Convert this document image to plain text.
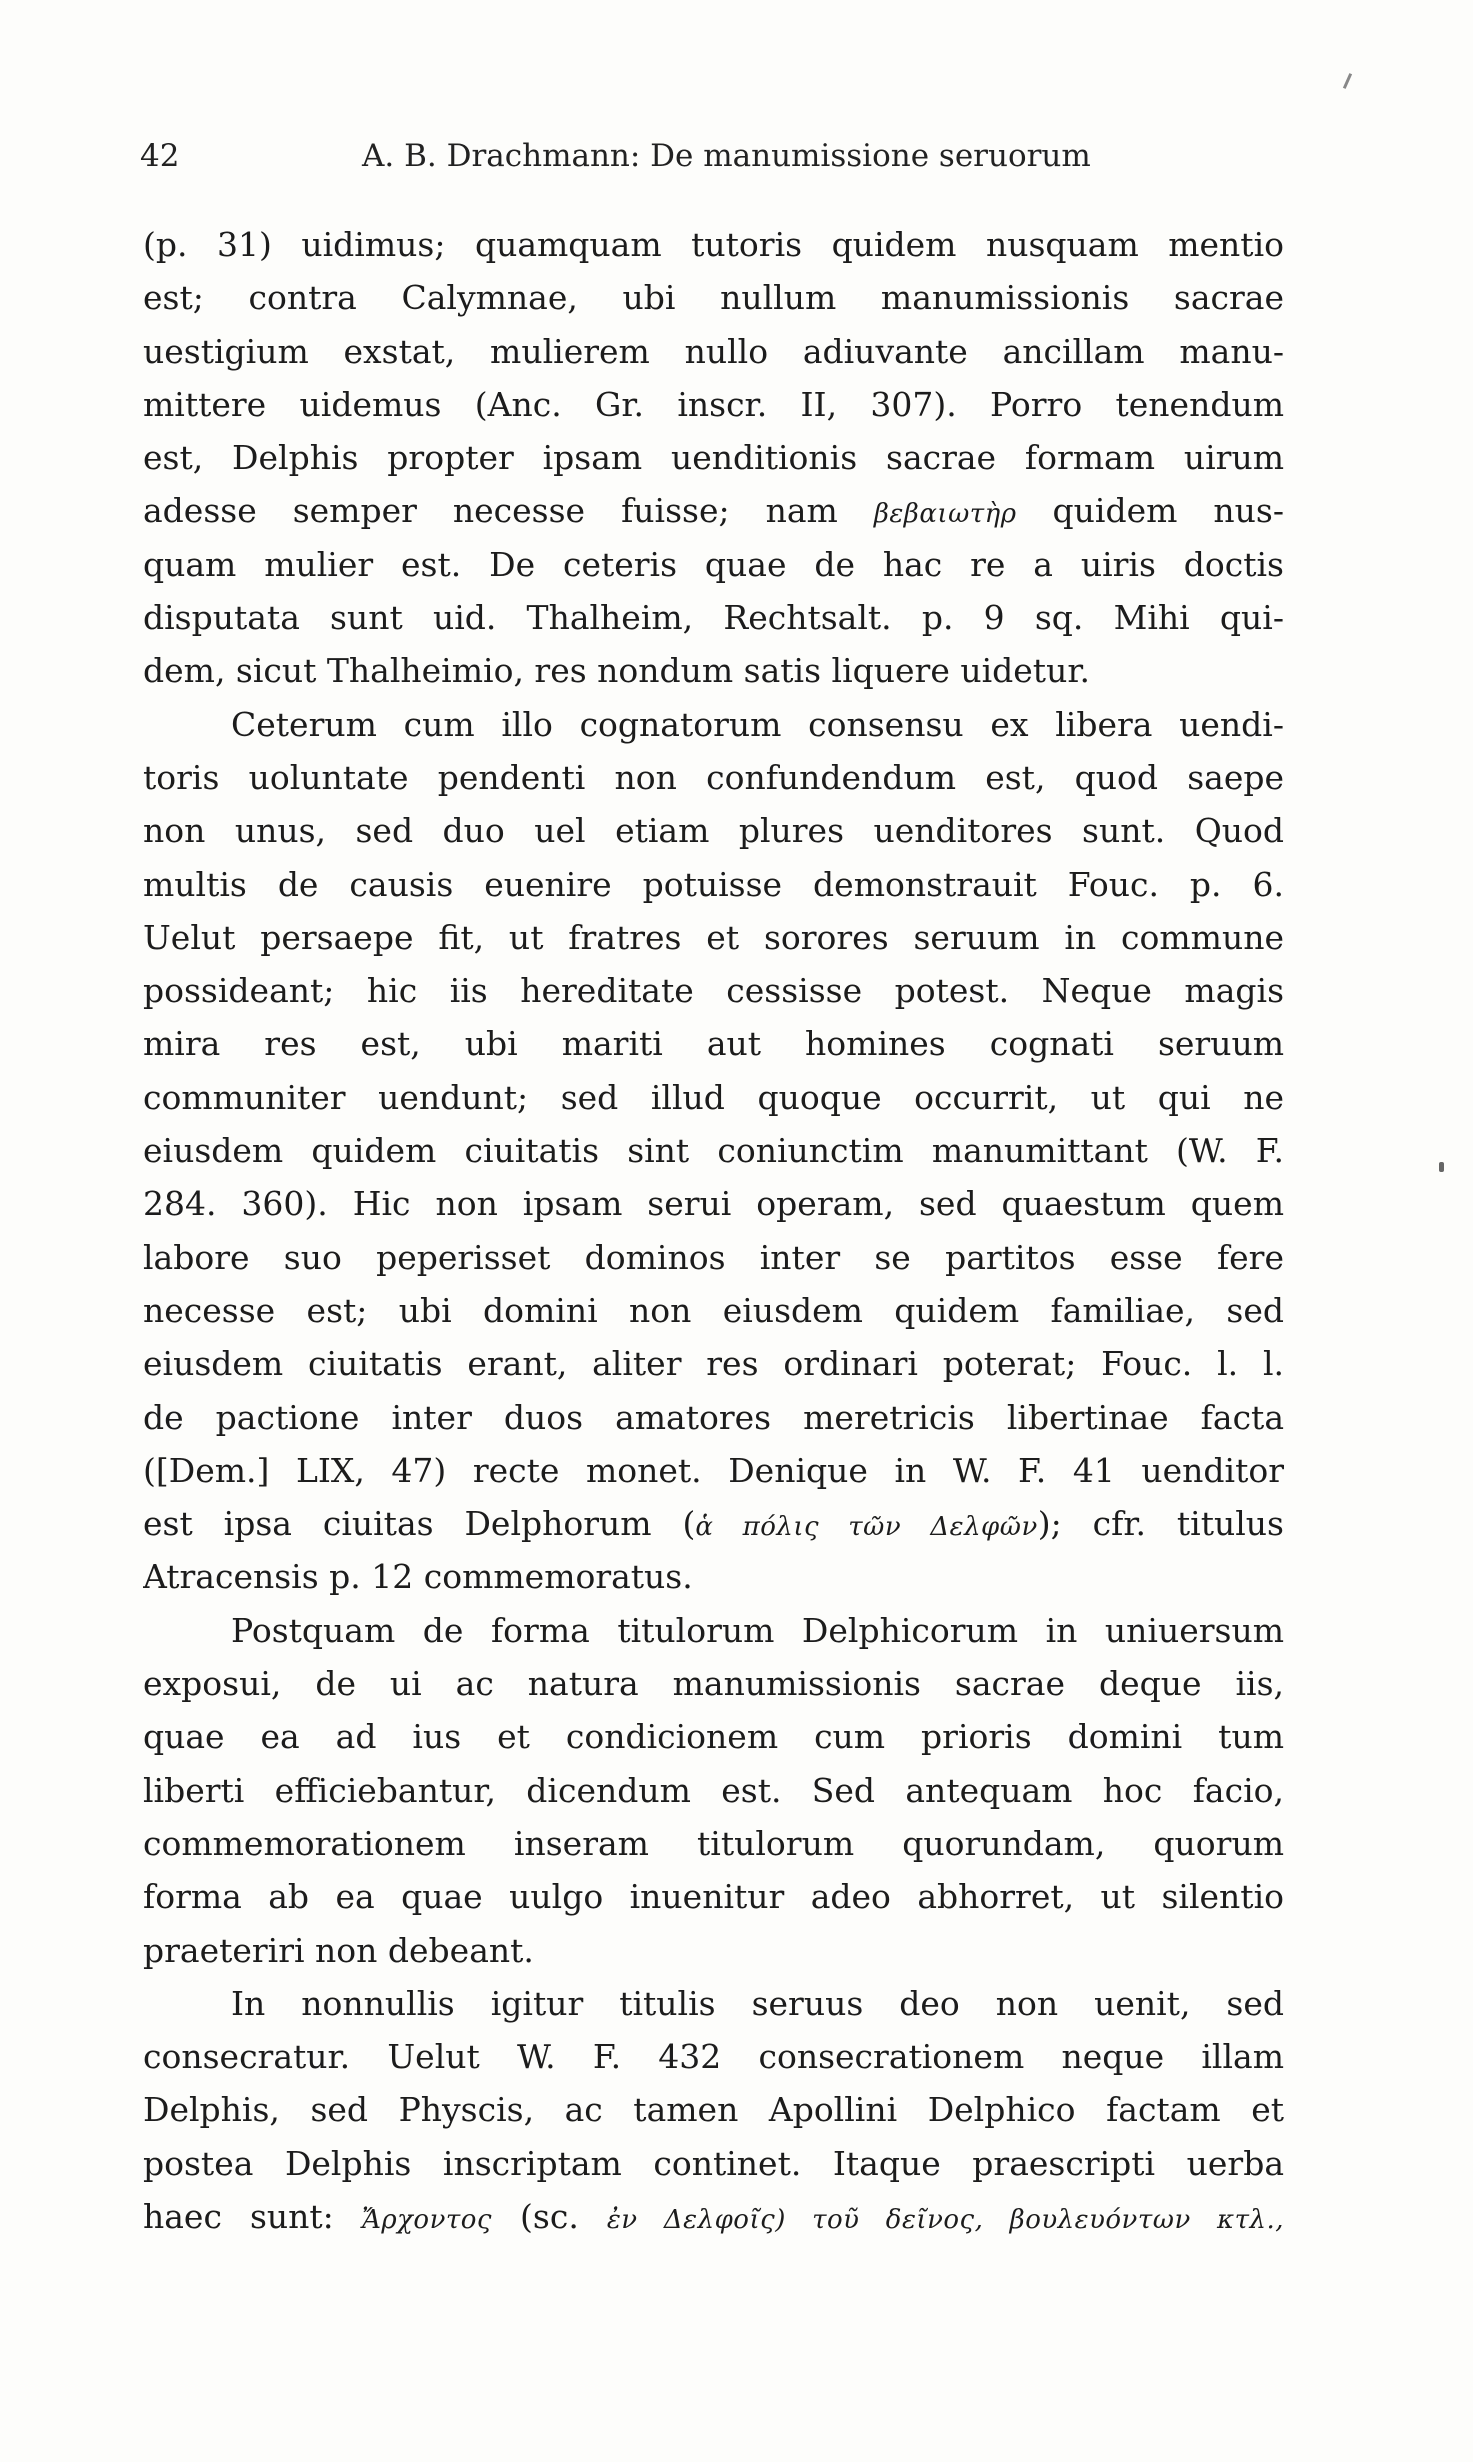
42	A. B. Drachmann: De manumissione seruorum
(p. 31) uidimus; quamquam tutoris quidem nusquam mentio
est; contra Calymnae, ubi nullum manumissionis sacrae
uestigium exstat, mulierem nullo adiuvante ancillam manu-
mittere uidemus (Anc. Gr. inscr. II, 307). Porro tenendum
est, Delphis propter ipsam uenditionis sacrae formam uirum
adesse semper necesse fuisse; nam βεβαιωτὴρ quidem nus-
quam mulier est. De ceteris quae de hac re a uiris doctis
disputata sunt uid. Thalheim, Rechtsalt. p. 9 sq. Mihi qui-
dem, sicut Thalheimio, res nondum satis liquere uidetur.
Ceterum cum illo cognatorum consensu ex libera uendi-
toris uoluntate pendenti non confundendum est, quod saepe
non unus, sed duo uel etiam plures uenditores sunt. Quod
multis de causis euenire potuisse demonstrauit Fouc. p. 6.
Uelut persaepe fit, ut fratres et sorores seruum in commune
possideant; hic iis hereditate cessisse potest. Neque magis
mira res est, ubi mariti aut homines cognati seruum
communiter uendunt; sed illud quoque occurrit, ut qui ne
eiusdem quidem ciuitatis sint coniunctim manumittant (W. F.
284. 360). Hic non ipsam serui operam, sed quaestum quem
labore suo peperisset dominos inter se partitos esse fere
necesse est; ubi domini non eiusdem quidem familiae, sed
eiusdem ciuitatis erant, aliter res ordinari poterat; Fouc. l. l.
de pactione inter duos amatores meretricis libertinae facta
([Dem.] LIX, 47) recte monet. Denique in W. F. 41 uenditor
est ipsa ciuitas Delphorum (ἁ πόλις τῶν Δελφῶν); cfr. titulus
Atracensis p. 12 commemoratus.
Postquam de forma titulorum Delphicorum in uniuersum
exposui, de ui ac natura manumissionis sacrae deque iis,
quae ea ad ius et condicionem cum prioris domini tum
liberti efficiebantur, dicendum est. Sed antequam hoc facio,
commemorationem inseram titulorum quorundam, quorum
forma ab ea quae uulgo inuenitur adeo abhorret, ut silentio
praeteriri non debeant.
In nonnullis igitur titulis seruus deo non uenit, sed
consecratur. Uelut W. F. 432 consecrationem neque illam
Delphis, sed Physcis, ac tamen Apollini Delphico factam et
postea Delphis inscriptam continet. Itaque praescripti uerba
haec sunt: Ἄρχοντος (sc. ἐν Δελφοῖς) τοῦ δεῖνος, βουλευόντων κτλ.,
